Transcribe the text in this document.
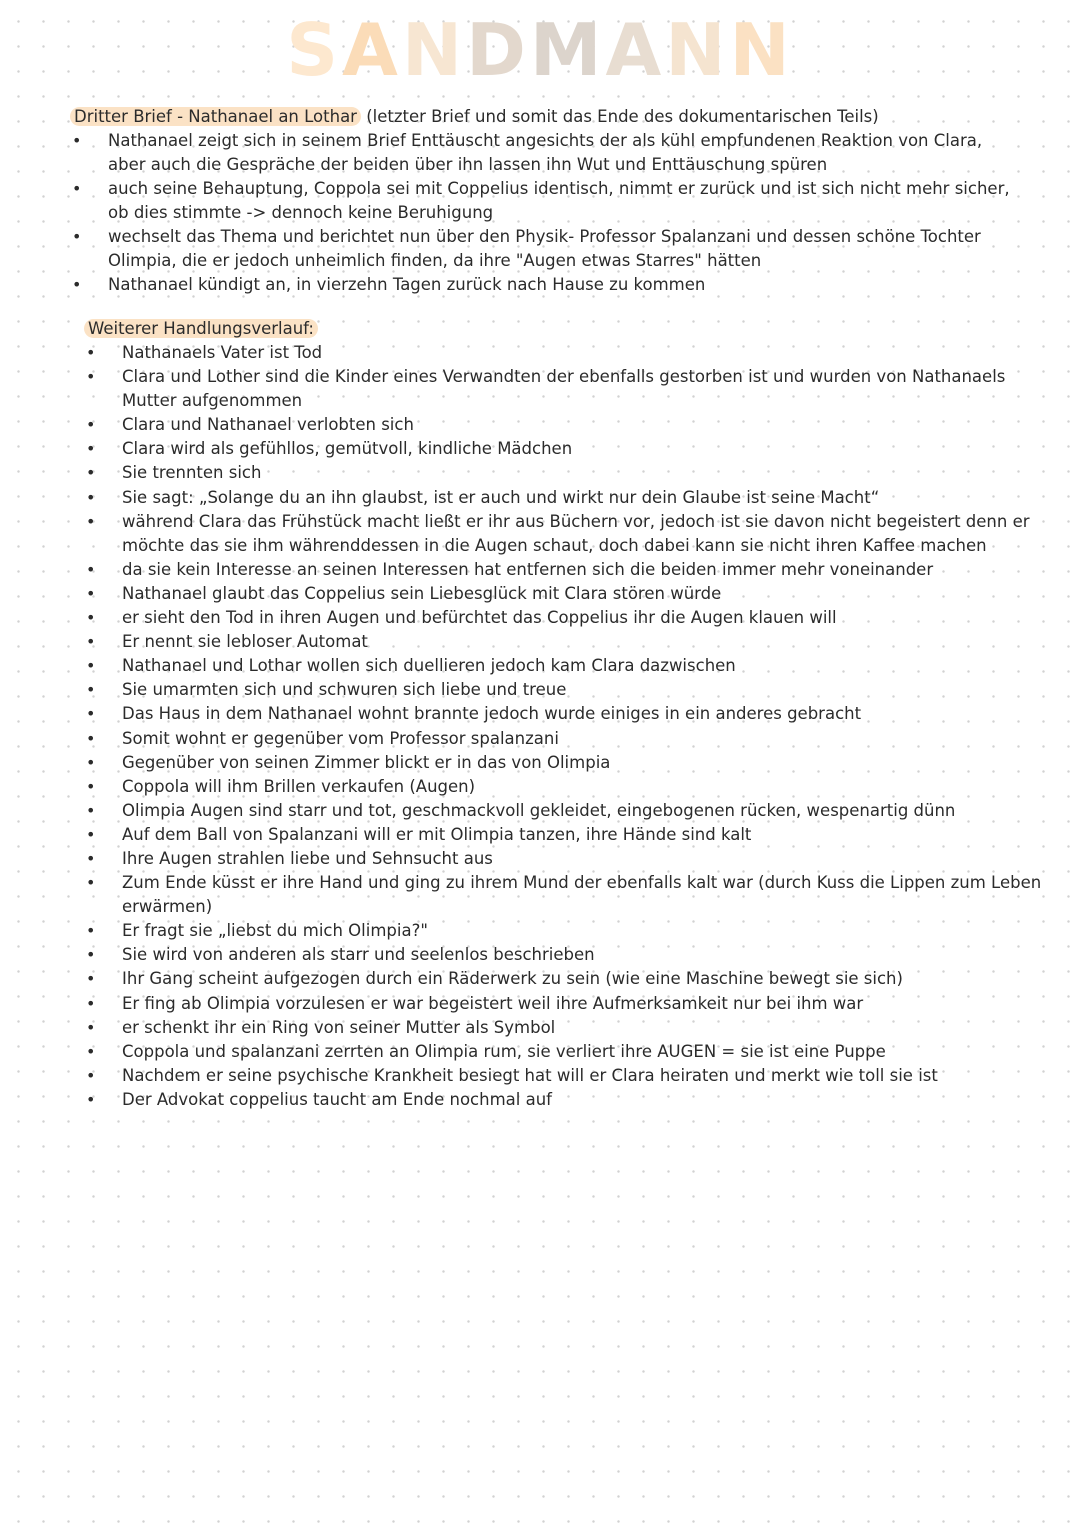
SANDMANN
Dritter Brief - Nathanael an Lothar (letzter Brief und somit das Ende des dokumentarischen Teils)
• Nathanael zeigt sich in seinem Brief Enttäuscht angesichts der als kühl empfundenen Reaktion von Clara, aber auch die Gespräche der beiden über ihn lassen ihn Wut und Enttäuschung spüren
• auch seine Behauptung, Coppola sei mit Coppelius identisch, nimmt er zurück und ist sich nicht mehr sicher, ob dies stimmte -> dennoch keine Beruhigung
• wechselt das Thema und berichtet nun über den Physik- Professor Spalanzani und dessen schöne Tochter Olimpia, die er jedoch unheimlich finden, da ihre "Augen etwas Starres" hätten
• Nathanael kündigt an, in vierzehn Tagen zurück nach Hause zu kommen
Weiterer Handlungsverlauf:
• Nathanaels Vater ist Tod
• Clara und Lother sind die Kinder eines Verwandten der ebenfalls gestorben ist und wurden von Nathanaels Mutter aufgenommen
• Clara und Nathanael verlobten sich
• Clara wird als gefühllos, gemütvoll, kindliche Mädchen
• Sie trennten sich
• Sie sagt: „Solange du an ihn glaubst, ist er auch und wirkt nur dein Glaube ist seine Macht“
• während Clara das Frühstück macht ließt er ihr aus Büchern vor, jedoch ist sie davon nicht begeistert denn er möchte das sie ihm währenddessen in die Augen schaut, doch dabei kann sie nicht ihren Kaffee machen
• da sie kein Interesse an seinen Interessen hat entfernen sich die beiden immer mehr voneinander
• Nathanael glaubt das Coppelius sein Liebesglück mit Clara stören würde
• er sieht den Tod in ihren Augen und befürchtet das Coppelius ihr die Augen klauen will
• Er nennt sie lebloser Automat
• Nathanael und Lothar wollen sich duellieren jedoch kam Clara dazwischen
• Sie umarmten sich und schwuren sich liebe und treue
• Das Haus in dem Nathanael wohnt brannte jedoch wurde einiges in ein anderes gebracht
• Somit wohnt er gegenüber vom Professor spalanzani
• Gegenüber von seinen Zimmer blickt er in das von Olimpia
• Coppola will ihm Brillen verkaufen (Augen)
• Olimpia Augen sind starr und tot, geschmackvoll gekleidet, eingebogenen rücken, wespenartig dünn
• Auf dem Ball von Spalanzani will er mit Olimpia tanzen, ihre Hände sind kalt
• Ihre Augen strahlen liebe und Sehnsucht aus
• Zum Ende küsst er ihre Hand und ging zu ihrem Mund der ebenfalls kalt war (durch Kuss die Lippen zum Leben erwärmen)
• Er fragt sie „liebst du mich Olimpia?"
• Sie wird von anderen als starr und seelenlos beschrieben
• Ihr Gang scheint aufgezogen durch ein Räderwerk zu sein (wie eine Maschine bewegt sie sich)
• Er fing ab Olimpia vorzulesen er war begeistert weil ihre Aufmerksamkeit nur bei ihm war
• er schenkt ihr ein Ring von seiner Mutter als Symbol
• Coppola und spalanzani zerrten an Olimpia rum, sie verliert ihre AUGEN = sie ist eine Puppe
• Nachdem er seine psychische Krankheit besiegt hat will er Clara heiraten und merkt wie toll sie ist
• Der Advokat coppelius taucht am Ende nochmal auf
